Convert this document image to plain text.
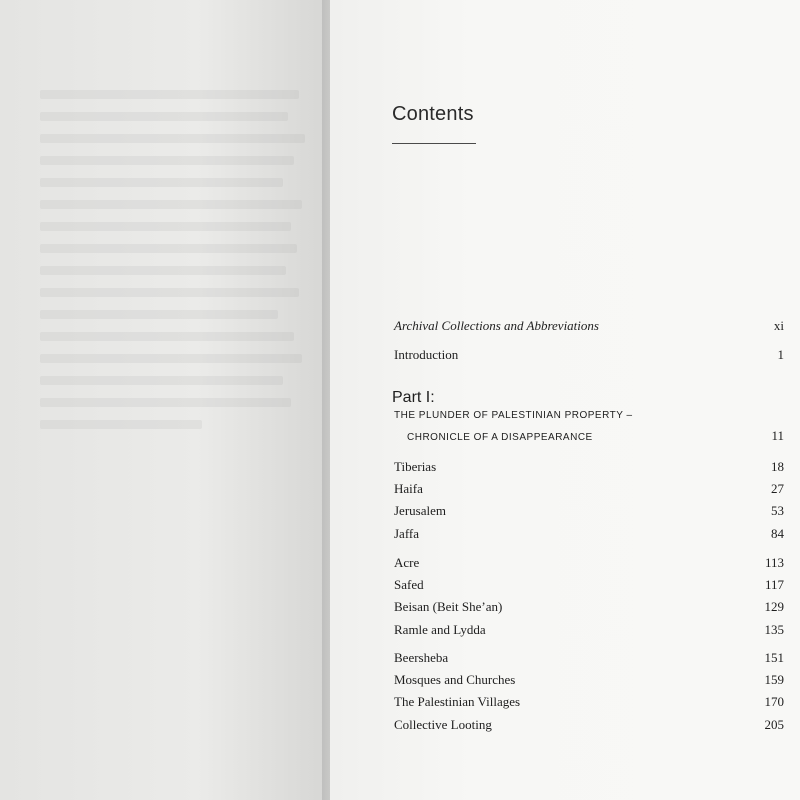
Contents
Archival Collections and Abbreviations	xi
Introduction	1
Part I:
THE PLUNDER OF PALESTINIAN PROPERTY –
CHRONICLE OF A DISAPPEARANCE	11
Tiberias	18
Haifa	27
Jerusalem	53
Jaffa	84
Acre	113
Safed	117
Beisan (Beit She’an)	129
Ramle and Lydda	135
Beersheba	151
Mosques and Churches	159
The Palestinian Villages	170
Collective Looting	205
